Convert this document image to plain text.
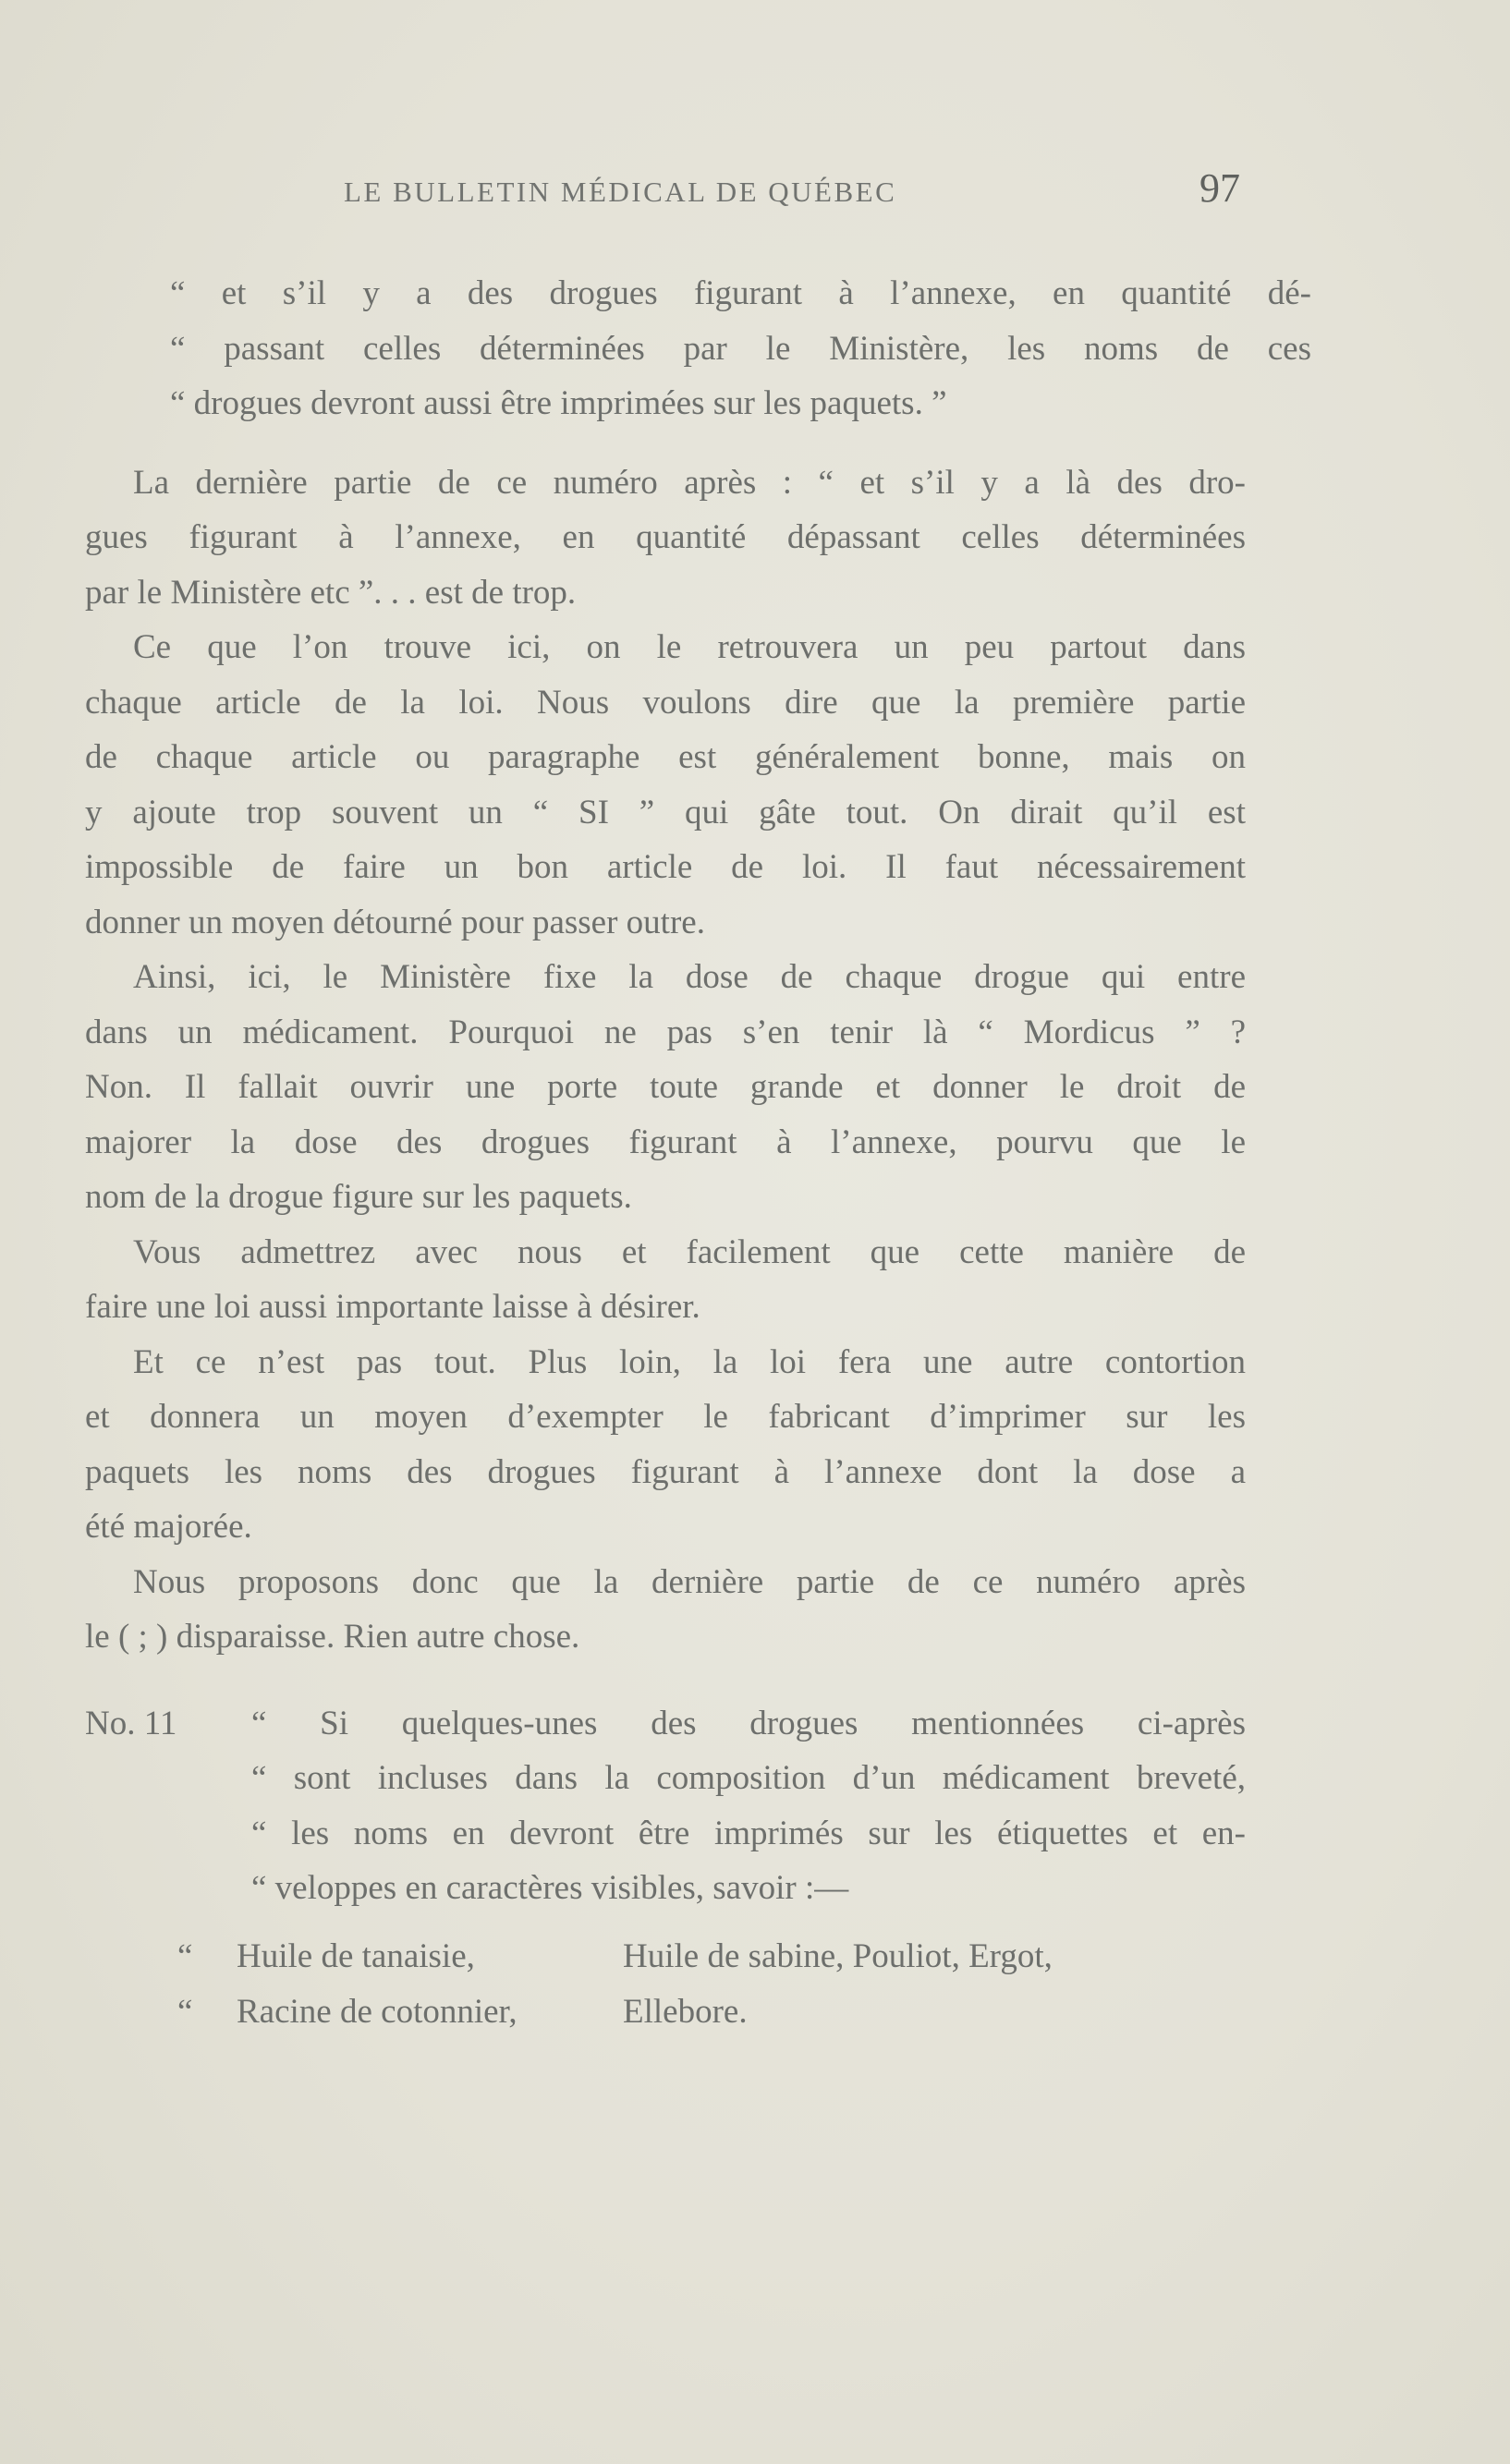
LE BULLETIN MÉDICAL DE QUÉBEC	97
“ et s’il y a des drogues figurant à l’annexe, en quantité dé-
“ passant celles déterminées par le Ministère, les noms de ces
“ drogues devront aussi être imprimées sur les paquets. ”
La dernière partie de ce numéro après : “ et s’il y a là des dro-
gues figurant à l’annexe, en quantité dépassant celles déterminées
par le Ministère etc ”. . . est de trop.
Ce que l’on trouve ici, on le retrouvera un peu partout dans
chaque article de la loi. Nous voulons dire que la première partie
de chaque article ou paragraphe est généralement bonne, mais on
y ajoute trop souvent un “ SI ” qui gâte tout. On dirait qu’il est
impossible de faire un bon article de loi. Il faut nécessairement
donner un moyen détourné pour passer outre.
Ainsi, ici, le Ministère fixe la dose de chaque drogue qui entre
dans un médicament. Pourquoi ne pas s’en tenir là “ Mordicus ” ?
Non. Il fallait ouvrir une porte toute grande et donner le droit de
majorer la dose des drogues figurant à l’annexe, pourvu que le
nom de la drogue figure sur les paquets.
Vous admettrez avec nous et facilement que cette manière de
faire une loi aussi importante laisse à désirer.
Et ce n’est pas tout. Plus loin, la loi fera une autre contortion
et donnera un moyen d’exempter le fabricant d’imprimer sur les
paquets les noms des drogues figurant à l’annexe dont la dose a
été majorée.
Nous proposons donc que la dernière partie de ce numéro après
le ( ; ) disparaisse. Rien autre chose.
No. 11	“ Si quelques-unes des drogues mentionnées ci-après
“ sont incluses dans la composition d’un médicament breveté,
“ les noms en devront être imprimés sur les étiquettes et en-
“ veloppes en caractères visibles, savoir :—
“ Huile de tanaisie,	Huile de sabine, Pouliot, Ergot,
“ Racine de cotonnier,	Ellebore.
